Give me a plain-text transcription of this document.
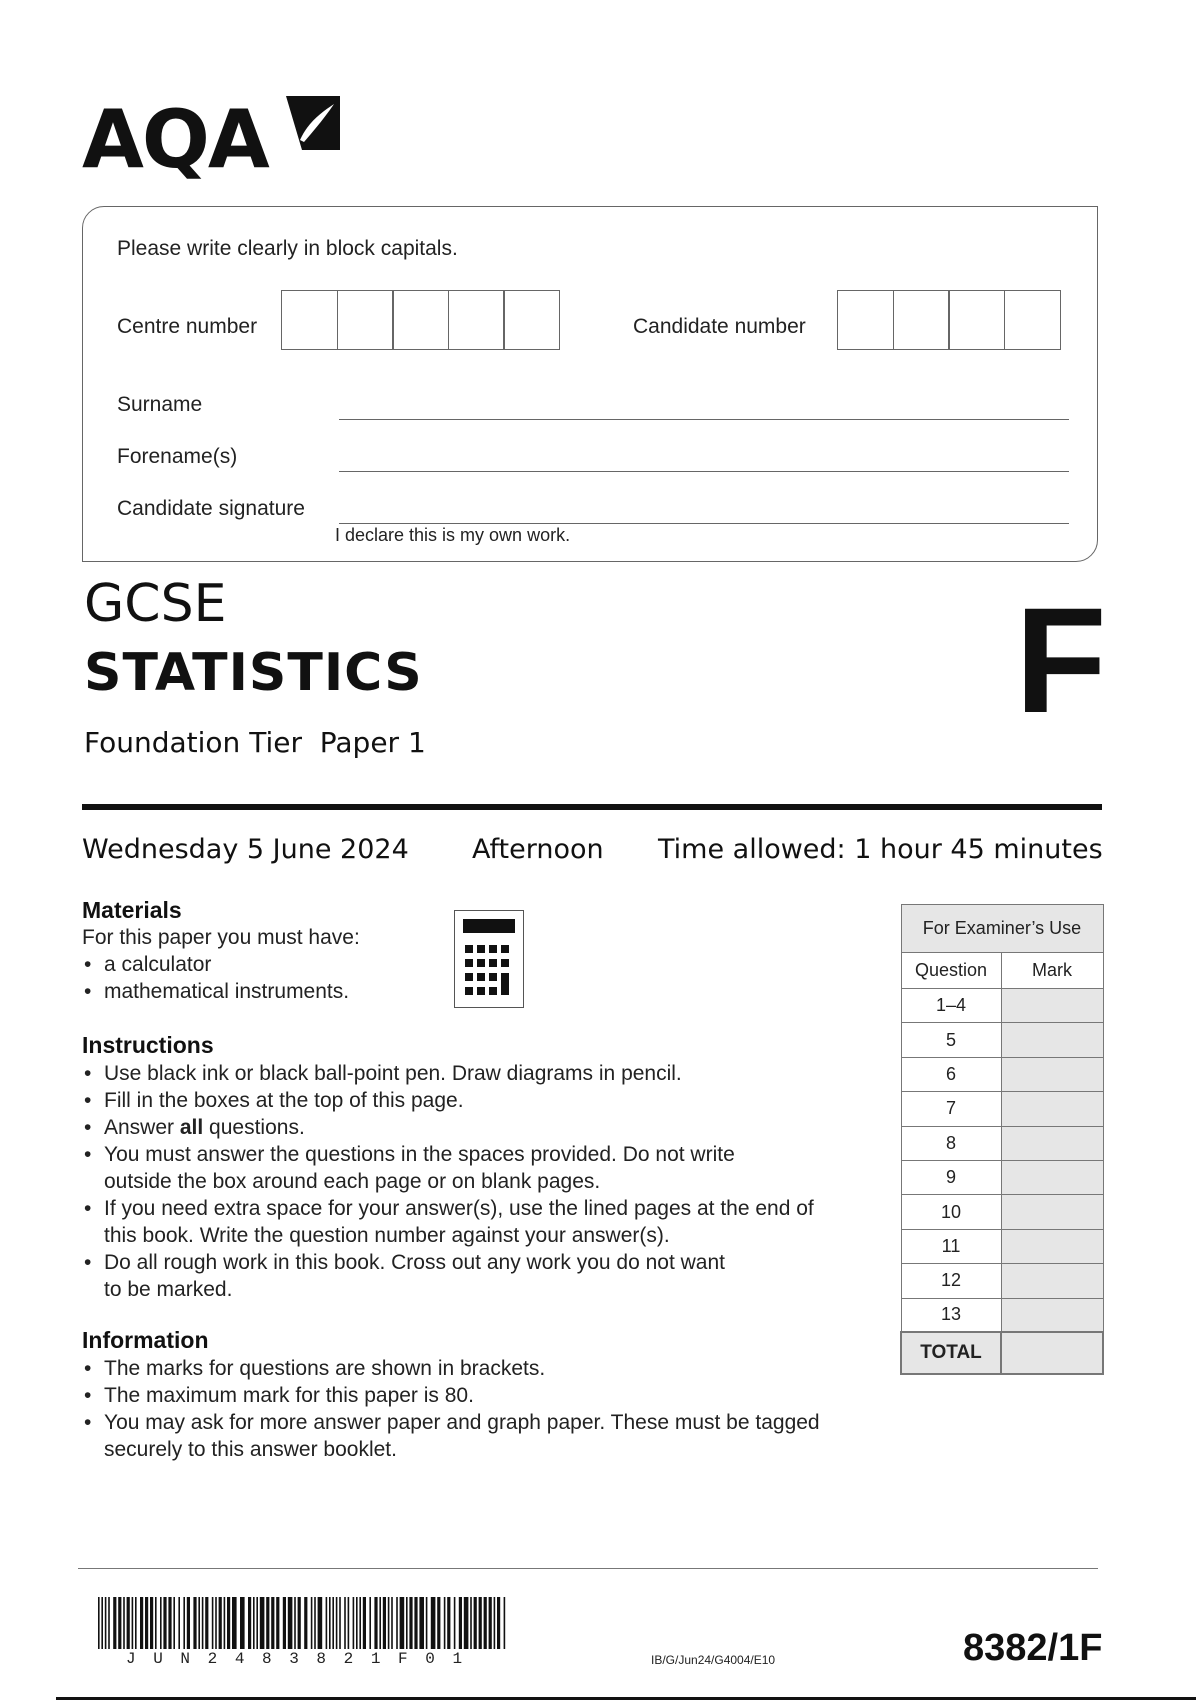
AQA
Please write clearly in block capitals.
Centre number	Candidate number
Surname
Forename(s)
Candidate signature
I declare this is my own work.
GCSE
STATISTICS
Foundation Tier  Paper 1	F
Wednesday 5 June 2024 Afternoon Time allowed: 1 hour 45 minutes
Materials
For this paper you must have:
• a calculator
• mathematical instruments.
Instructions
• Use black ink or black ball-point pen. Draw diagrams in pencil.
• Fill in the boxes at the top of this page.
• Answer all questions.
• You must answer the questions in the spaces provided. Do not write
outside the box around each page or on blank pages.
• If you need extra space for your answer(s), use the lined pages at the end of
this book. Write the question number against your answer(s).
• Do all rough work in this book. Cross out any work you do not want
to be marked.
Information
• The marks for questions are shown in brackets.
• The maximum mark for this paper is 80.
• You may ask for more answer paper and graph paper. These must be tagged securely to this answer booklet.
For Examiner’s Use	
Question	Mark
1–4	
5	
6	
7	
8	
9	
10	
11	
12	
13	
TOTAL	
J U N 2 4 8 3 8 2 1 F 0 1	IB/G/Jun24/G4004/E10	8382/1F
